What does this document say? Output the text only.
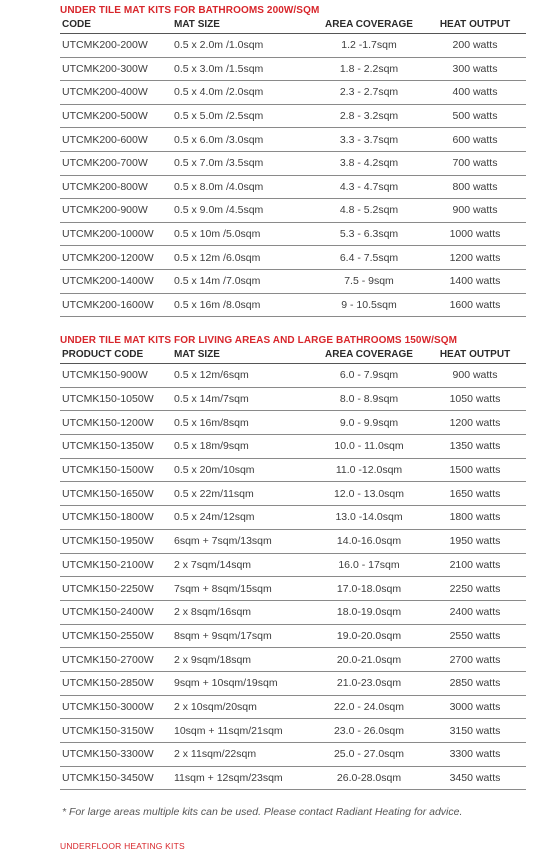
UNDER TILE MAT KITS FOR BATHROOMS 200W/SQM
CODE	MAT SIZE	AREA COVERAGE	HEAT OUTPUT
UTCMK200-200W	0.5 x 2.0m /1.0sqm	1.2 -1.7sqm	200 watts
UTCMK200-300W	0.5 x 3.0m /1.5sqm	1.8 - 2.2sqm	300 watts
UTCMK200-400W	0.5 x 4.0m /2.0sqm	2.3 - 2.7sqm	400 watts
UTCMK200-500W	0.5 x 5.0m /2.5sqm	2.8 - 3.2sqm	500 watts
UTCMK200-600W	0.5 x 6.0m /3.0sqm	3.3 - 3.7sqm	600 watts
UTCMK200-700W	0.5 x 7.0m /3.5sqm	3.8 - 4.2sqm	700 watts
UTCMK200-800W	0.5 x 8.0m /4.0sqm	4.3 - 4.7sqm	800 watts
UTCMK200-900W	0.5 x 9.0m /4.5sqm	4.8 - 5.2sqm	900 watts
UTCMK200-1000W	0.5 x 10m /5.0sqm	5.3 - 6.3sqm	1000 watts
UTCMK200-1200W	0.5 x 12m /6.0sqm	6.4 - 7.5sqm	1200 watts
UTCMK200-1400W	0.5 x 14m /7.0sqm	7.5 - 9sqm	1400 watts
UTCMK200-1600W	0.5 x 16m /8.0sqm	9 - 10.5sqm	1600 watts
UNDER TILE MAT KITS FOR LIVING AREAS AND LARGE BATHROOMS 150W/SQM
PRODUCT CODE	MAT SIZE	AREA COVERAGE	HEAT OUTPUT
UTCMK150-900W	0.5 x 12m/6sqm	6.0 - 7.9sqm	900 watts
UTCMK150-1050W	0.5 x 14m/7sqm	8.0 - 8.9sqm	1050 watts
UTCMK150-1200W	0.5 x 16m/8sqm	9.0 - 9.9sqm	1200 watts
UTCMK150-1350W	0.5 x 18m/9sqm	10.0 - 11.0sqm	1350 watts
UTCMK150-1500W	0.5 x 20m/10sqm	11.0 -12.0sqm	1500 watts
UTCMK150-1650W	0.5 x 22m/11sqm	12.0 - 13.0sqm	1650 watts
UTCMK150-1800W	0.5 x 24m/12sqm	13.0 -14.0sqm	1800 watts
UTCMK150-1950W	6sqm + 7sqm/13sqm	14.0-16.0sqm	1950 watts
UTCMK150-2100W	2 x 7sqm/14sqm	16.0 - 17sqm	2100 watts
UTCMK150-2250W	7sqm + 8sqm/15sqm	17.0-18.0sqm	2250 watts
UTCMK150-2400W	2 x 8sqm/16sqm	18.0-19.0sqm	2400 watts
UTCMK150-2550W	8sqm + 9sqm/17sqm	19.0-20.0sqm	2550 watts
UTCMK150-2700W	2 x 9sqm/18sqm	20.0-21.0sqm	2700 watts
UTCMK150-2850W	9sqm + 10sqm/19sqm	21.0-23.0sqm	2850 watts
UTCMK150-3000W	2 x 10sqm/20sqm	22.0 - 24.0sqm	3000 watts
UTCMK150-3150W	10sqm + 11sqm/21sqm	23.0 - 26.0sqm	3150 watts
UTCMK150-3300W	2 x 11sqm/22sqm	25.0 - 27.0sqm	3300 watts
UTCMK150-3450W	11sqm + 12sqm/23sqm	26.0-28.0sqm	3450 watts
* For large areas multiple kits can be used. Please contact Radiant Heating for advice.
UNDERFLOOR HEATING KITS
